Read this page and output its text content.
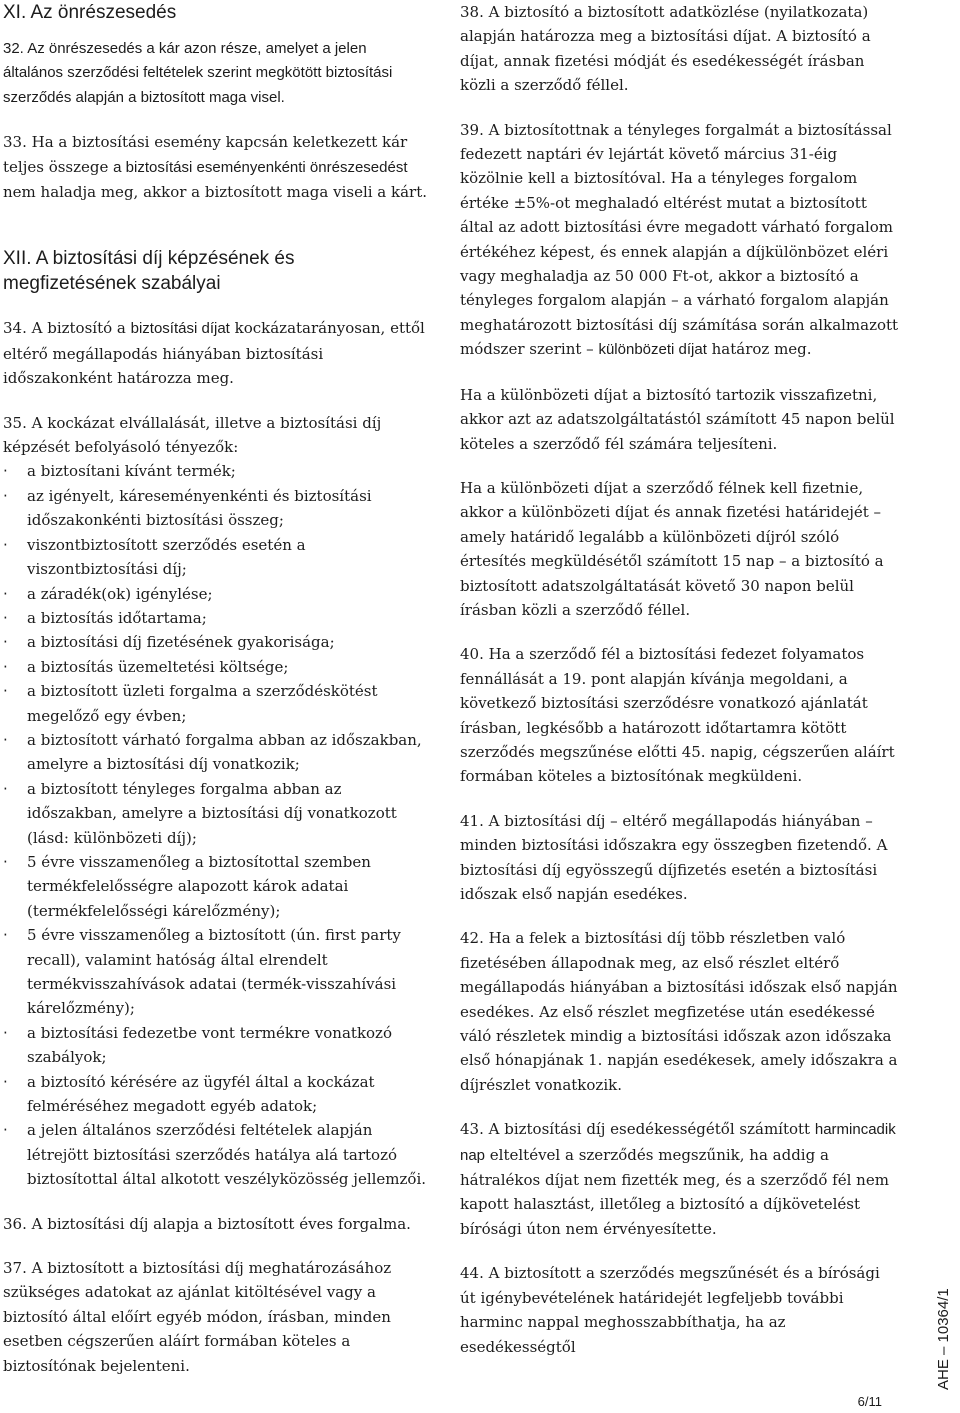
XI. Az önrészesedés

32. Az önrészesedés a kár azon része, amelyet a jelen általános szerződési feltételek szerint megkötött biztosítási szerződés alapján a biztosított maga visel.

33. Ha a biztosítási esemény kapcsán keletkezett kár teljes összege a biztosítási eseményenkénti önrészesedést nem haladja meg, akkor a biztosított maga viseli a kárt.

XII. A biztosítási díj képzésének és megfizetésének szabályai

34. A biztosító a biztosítási díjat kockázatarányosan, ettől eltérő megállapodás hiányában biztosítási időszakonként határozza meg.

35. A kockázat elvállalását, illetve a biztosítási díj képzését befolyásoló tényezők:

· a biztosítani kívánt termék;
· az igényelt, káreseményenkénti és biztosítási időszakonkénti biztosítási összeg;
· viszontbiztosított szerződés esetén a viszontbiztosítási díj;
· a záradék(ok) igénylése;
· a biztosítás időtartama;
· a biztosítási díj fizetésének gyakorisága;
· a biztosítás üzemeltetési költsége;
· a biztosított üzleti forgalma a szerződéskötést megelőző egy évben;
· a biztosított várható forgalma abban az időszakban, amelyre a biztosítási díj vonatkozik;
· a biztosított tényleges forgalma abban az időszakban, amelyre a biztosítási díj vonatkozott (lásd: különbözeti díj);
· 5 évre visszamenőleg a biztosítottal szemben termékfelelősségre alapozott károk adatai (termékfelelősségi kárelőzmény);
· 5 évre visszamenőleg a biztosított (ún. first party recall), valamint hatóság által elrendelt termékvisszahívások adatai (termék-visszahívási kárelőzmény);
· a biztosítási fedezetbe vont termékre vonatkozó szabályok;
· a biztosító kérésére az ügyfél által a kockázat felméréséhez megadott egyéb adatok;
· a jelen általános szerződési feltételek alapján létrejött biztosítási szerződés hatálya alá tartozó biztosítottal által alkotott veszélyközösség jellemzői.

36. A biztosítási díj alapja a biztosított éves forgalma.

37. A biztosított a biztosítási díj meghatározásához szükséges adatokat az ajánlat kitöltésével vagy a biztosító által előírt egyéb módon, írásban, minden esetben cégszerűen aláírt formában köteles a biztosítónak bejelenteni.

38. A biztosító a biztosított adatközlése (nyilatkozata) alapján határozza meg a biztosítási díjat. A biztosító a díjat, annak fizetési módját és esedékességét írásban közli a szerződő féllel.

39. A biztosítottnak a tényleges forgalmát a biztosítással fedezett naptári év lejártát követő március 31-éig közölnie kell a biztosítóval. Ha a tényleges forgalom értéke ±5%-ot meghaladó eltérést mutat a biztosított által az adott biztosítási évre megadott várható forgalom értékéhez képest, és ennek alapján a díjkülönbözet eléri vagy meghaladja az 50 000 Ft-ot, akkor a biztosító a tényleges forgalom alapján – a várható forgalom alapján meghatározott biztosítási díj számítása során alkalmazott módszer szerint – különbözeti díjat határoz meg.

Ha a különbözeti díjat a biztosító tartozik visszafizetni, akkor azt az adatszolgáltatástól számított 45 napon belül köteles a szerződő fél számára teljesíteni.

Ha a különbözeti díjat a szerződő félnek kell fizetnie, akkor a különbözeti díjat és annak fizetési határidejét – amely határidő legalább a különbözeti díjról szóló értesítés megküldésétől számított 15 nap – a biztosító a biztosított adatszolgáltatását követő 30 napon belül írásban közli a szerződő féllel.

40. Ha a szerződő fél a biztosítási fedezet folyamatos fennállását a 19. pont alapján kívánja megoldani, a következő biztosítási szerződésre vonatkozó ajánlatát írásban, legkésőbb a határozott időtartamra kötött szerződés megszűnése előtti 45. napig, cégszerűen aláírt formában köteles a biztosítónak megküldeni.

41. A biztosítási díj – eltérő megállapodás hiányában – minden biztosítási időszakra egy összegben fizetendő. A biztosítási díj egyösszegű díjfizetés esetén a biztosítási időszak első napján esedékes.

42. Ha a felek a biztosítási díj több részletben való fizetésében állapodnak meg, az első részlet eltérő megállapodás hiányában a biztosítási időszak első napján esedékes. Az első részlet megfizetése után esedékessé váló részletek mindig a biztosítási időszak azon időszaka első hónapjának 1. napján esedékesek, amely időszakra a díjrészlet vonatkozik.

43. A biztosítási díj esedékességétől számított harmincadik nap elteltével a szerződés megszűnik, ha addig a hátralékos díjat nem fizették meg, és a szerződő fél nem kapott halasztást, illetőleg a biztosító a díjkövetelést bírósági úton nem érvényesítette.

44. A biztosított a szerződés megszűnését és a bírósági út igénybevételének határidejét legfeljebb további harminc nappal meghosszabbíthatja, ha az esedékességtől	AHE – 10364/1
6/11
